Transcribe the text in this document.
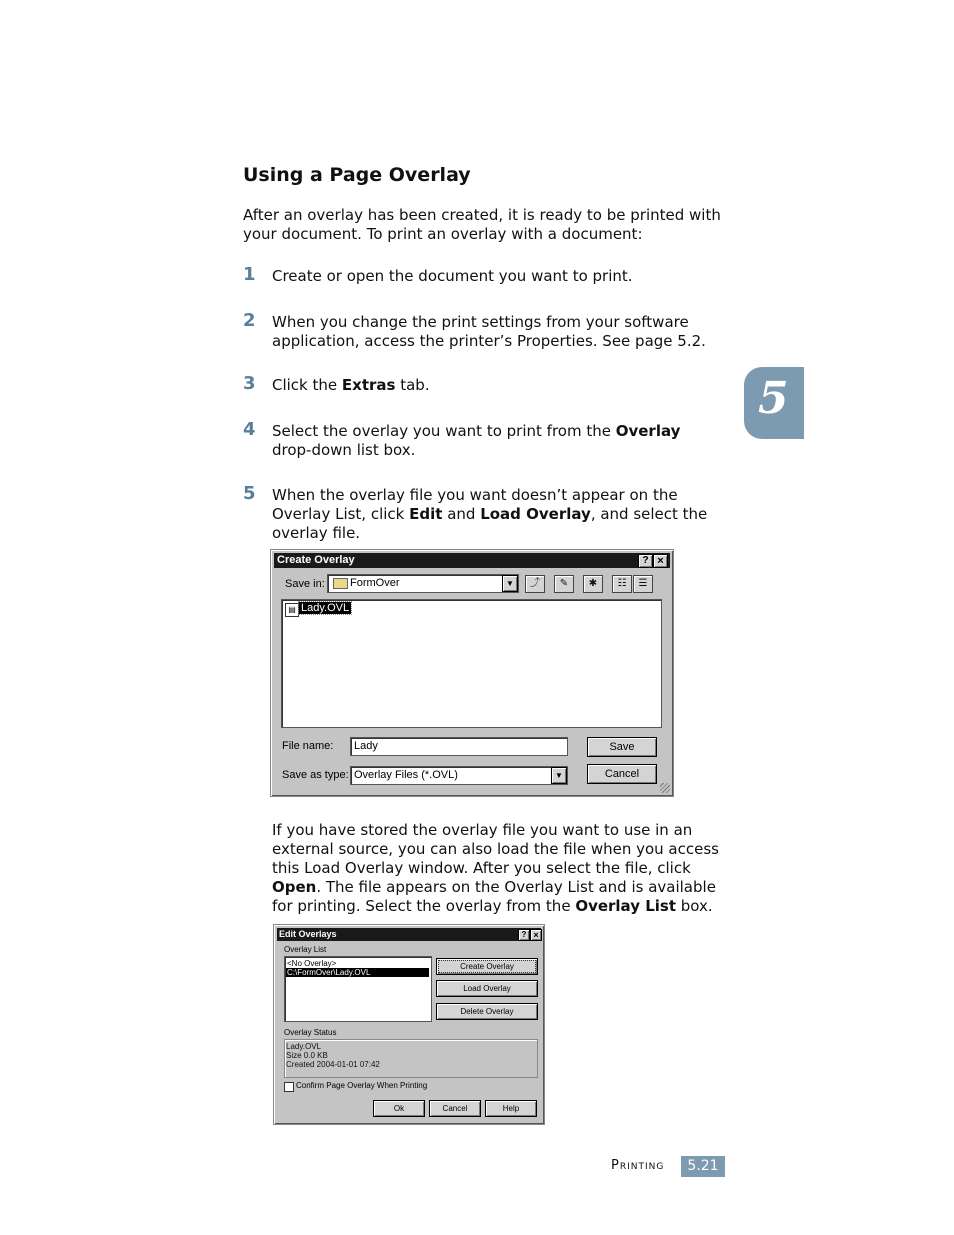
Using a Page Overlay
After an overlay has been created, it is ready to be printed with
your document. To print an overlay with a document:
1 Create or open the document you want to print.
2 When you change the print settings from your software
application, access the printer’s Properties. See page 5.2.
3 Click the Extras tab.
4 Select the overlay you want to print from the Overlay
drop-down list box.
5 When the overlay file you want doesn’t appear on the
Overlay List, click Edit and Load Overlay, and select the
overlay file.
5
Create Overlay	? ×
Save in: FormOver	▼	⤴	✎	✱	☷	☰
▤ Lady.OVL
File name: Lady	Save
Save as type: Overlay Files (*.OVL)	▼	Cancel
If you have stored the overlay file you want to use in an
external source, you can also load the file when you access
this Load Overlay window. After you select the file, click
Open. The file appears on the Overlay List and is available
for printing. Select the overlay from the Overlay List box.
Edit Overlays	? ×
Overlay List
<No Overlay>
C:\FormOver\Lady.OVL
Create Overlay
Load Overlay
Delete Overlay
Overlay Status
Lady.OVL
Size 0.0 KB
Created 2004-01-01 07:42
Confirm Page Overlay When Printing
Ok	Cancel	Help
Printing	5.21
